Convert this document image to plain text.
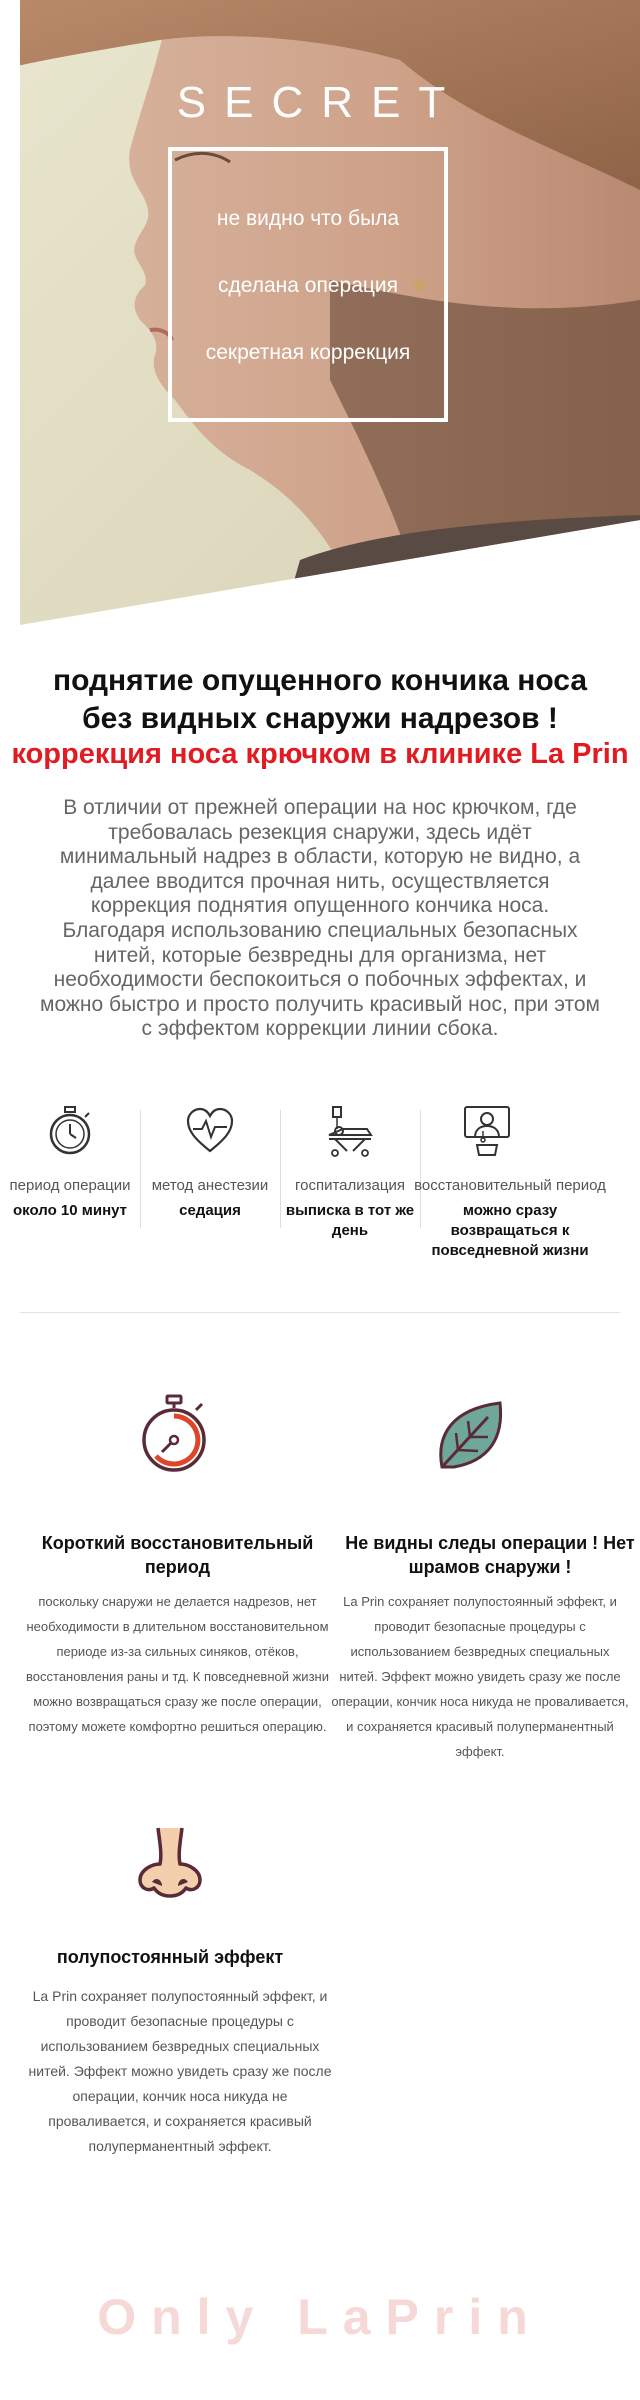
SECRET
не видно что была
сделана операция
секретная коррекция
поднятие опущенного кончика носа
без видных снаружи надрезов !
коррекция носа крючком в клинике La Prin
В отличии от прежней операции на нос крючком, где требовалась резекция снаружи, здесь идёт минимальный надрез в области, которую не видно, а далее вводится прочная нить, осуществляется коррекция поднятия опущенного кончика носа. Благодаря использованию специальных безопасных нитей, которые безвредны для организма, нет необходимости беспокоиться о побочных эффектах, и можно быстро и просто получить красивый нос, при этом с эффектом коррекции линии сбока.
период операции
около 10 минут
метод анестезии
седация
госпитализация
выписка в тот же день
восстановительный период
можно сразу возвращаться к повседневной жизни
Короткий восстановительный период
поскольку снаружи не делается надрезов, нет необходимости в длительном восстановительном периоде из-за сильных синяков, отёков, восстановления раны и тд. К повседневной жизни можно возвращаться сразу же после операции, поэтому можете комфортно решиться операцию.
Не видны следы операции ! Нет шрамов снаружи !
La Prin сохраняет полупостоянный эффект, и проводит безопасные процедуры с использованием безвредных специальных нитей. Эффект можно увидеть сразу же после операции, кончик носа никуда не проваливается, и сохраняется красивый полуперманентный эффект.
полупостоянный эффект
La Prin сохраняет полупостоянный эффект, и проводит безопасные процедуры с использованием безвредных специальных нитей. Эффект можно увидеть сразу же после операции, кончик носа никуда не проваливается, и сохраняется красивый полуперманентный эффект.
Only LaPrin
